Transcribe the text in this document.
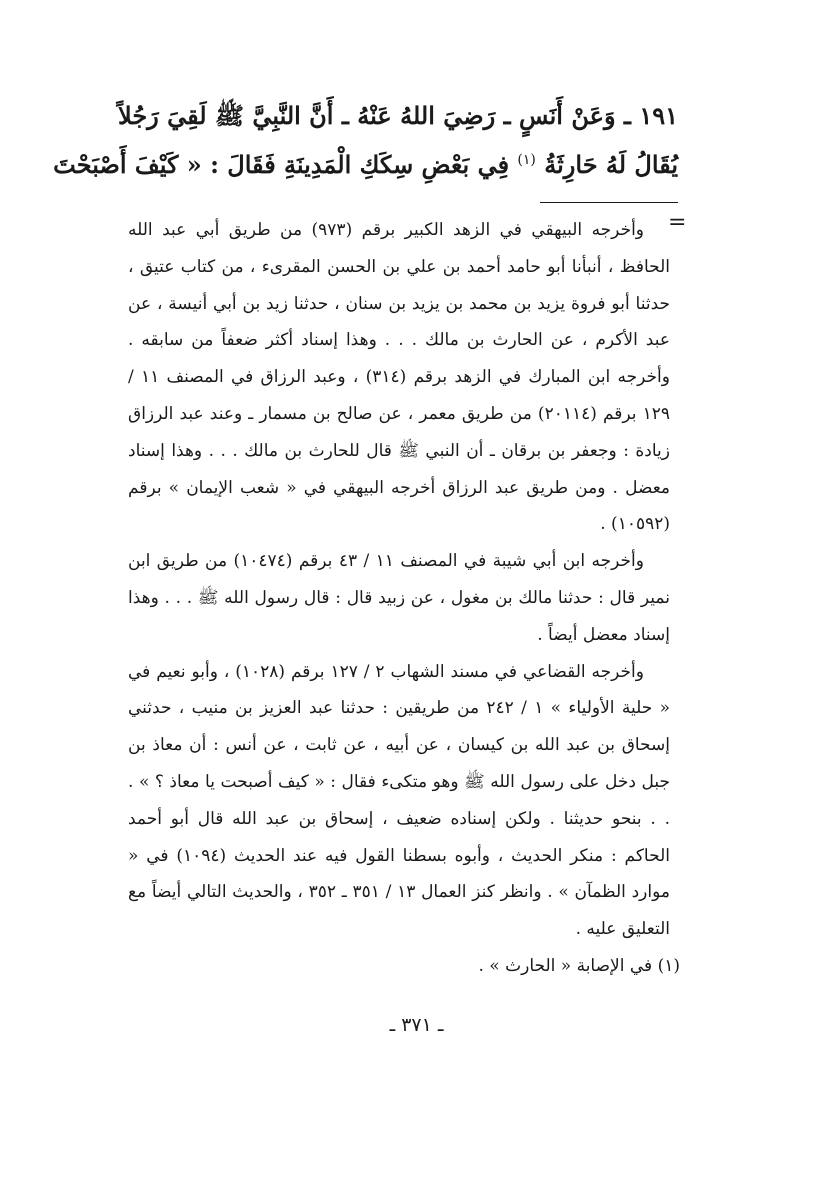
١٩١ ـ وَعَنْ أَنَسٍ ـ رَضِيَ اللهُ عَنْهُ ـ أَنَّ النَّبِيَّ ﷺ لَقِيَ رَجُلاً
يُقَالُ لَهُ حَارِثَةُ $^{(١)}$ فِي بَعْضِ سِكَكِ الْمَدِينَةِ فَقَالَ : « كَيْفَ أَصْبَحْتَ
=

وأخرجه البيهقي في الزهد الكبير برقم (٩٧٣) من طريق أبي عبد الله الحافظ ، أنبأنا أبو حامد أحمد بن علي بن الحسن المقرىء ، من كتاب عتيق ، حدثنا أبو فروة يزيد بن محمد بن يزيد بن سنان ، حدثنا زيد بن أبي أنيسة ، عن عبد الأكرم ، عن الحارث بن مالك . . . وهذا إسناد أكثر ضعفاً من سابقه . وأخرجه ابن المبارك في الزهد برقم (٣١٤) ، وعبد الرزاق في المصنف ١١ / ١٢٩ برقم (٢٠١١٤) من طريق معمر ، عن صالح بن مسمار ـ وعند عبد الرزاق زيادة : وجعفر بن برقان ـ أن النبي ﷺ قال للحارث بن مالك . . . وهذا إسناد معضل . ومن طريق عبد الرزاق أخرجه البيهقي في « شعب الإيمان » برقم (١٠٥٩٢) .

وأخرجه ابن أبي شيبة في المصنف ١١ / ٤٣ برقم (١٠٤٧٤) من طريق ابن نمير قال : حدثنا مالك بن مغول ، عن زبيد قال : قال رسول الله ﷺ . . . وهذا إسناد معضل أيضاً .

وأخرجه القضاعي في مسند الشهاب ٢ / ١٢٧ برقم (١٠٢٨) ، وأبو نعيم في « حلية الأولياء » ١ / ٢٤٢ من طريقين : حدثنا عبد العزيز بن منيب ، حدثني إسحاق بن عبد الله بن كيسان ، عن أبيه ، عن ثابت ، عن أنس : أن معاذ بن جبل دخل على رسول الله ﷺ وهو متكىء فقال : « كيف أصبحت يا معاذ ؟ » . . . بنحو حديثنا . ولكن إسناده ضعيف ، إسحاق بن عبد الله قال أبو أحمد الحاكم : منكر الحديث ، وأبوه بسطنا القول فيه عند الحديث (١٠٩٤) في « موارد الظمآن » . وانظر كنز العمال ١٣ / ٣٥١ ـ ٣٥٢ ، والحديث التالي أيضاً مع التعليق عليه .

(١) في الإصابة « الحارث » .

ـ ٣٧١ ـ
